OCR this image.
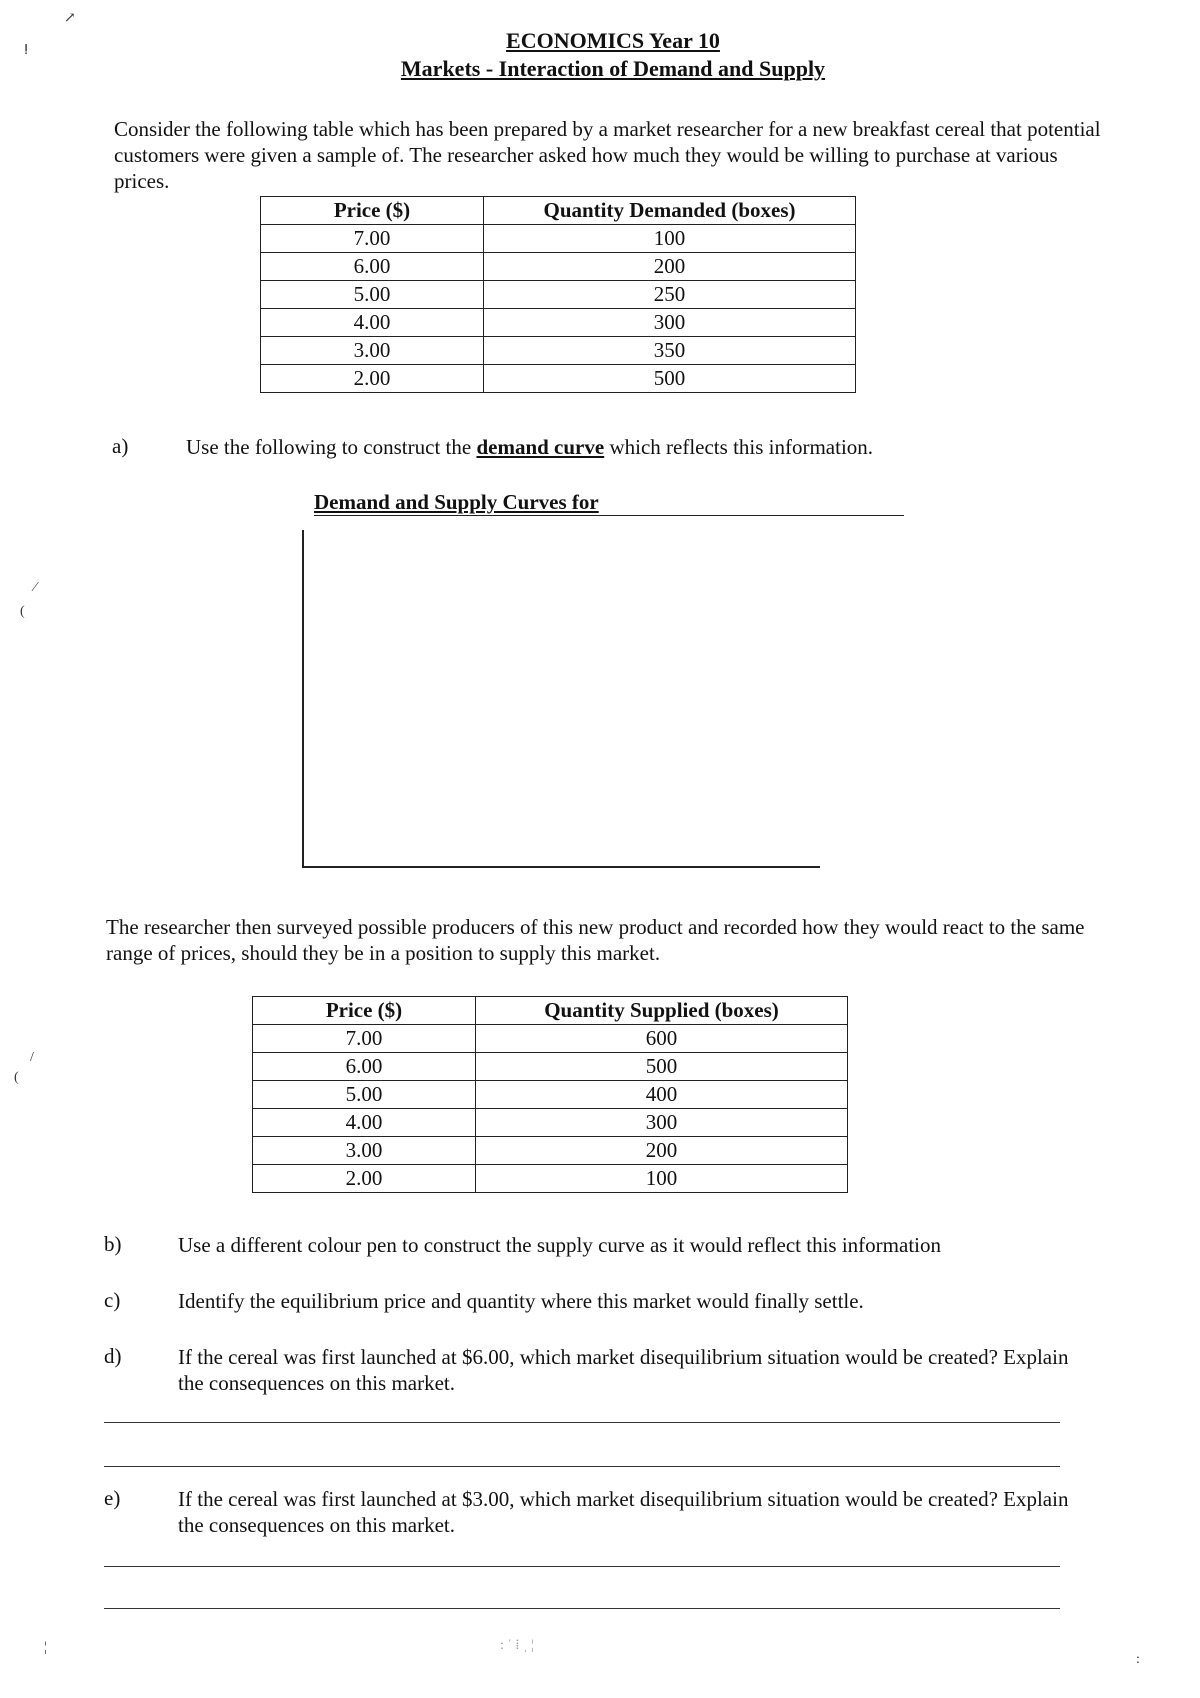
↗
ⵑ
⁄
(
/
(
ECONOMICS Year 10
Markets - Interaction of Demand and Supply
Consider the following table which has been prepared by a market researcher for a new breakfast cereal that potential customers were given a sample of. The researcher asked how much they would be willing to purchase at various prices.
Price ($)	Quantity Demanded (boxes)
7.00	100
6.00	200
5.00	250
4.00	300
3.00	350
2.00	500
a)	Use the following to construct the demand curve which reflects this information.
Demand and Supply Curves for
The researcher then surveyed possible producers of this new product and recorded how they would react to the same range of prices, should they be in a position to supply this market.
Price ($)	Quantity Supplied (boxes)
7.00	600
6.00	500
5.00	400
4.00	300
3.00	200
2.00	100
b)	Use a different colour pen to construct the supply curve as it would reflect this information
c)	Identify the equilibrium price and quantity where this market would finally settle.
d)	If the cereal was first launched at $6.00, which market disequilibrium situation would be created? Explain the consequences on this market.
e)	If the cereal was first launched at $3.00, which market disequilibrium situation would be created? Explain the consequences on this market.
¦	: ˈ ⁞ ˌ ¦
:
